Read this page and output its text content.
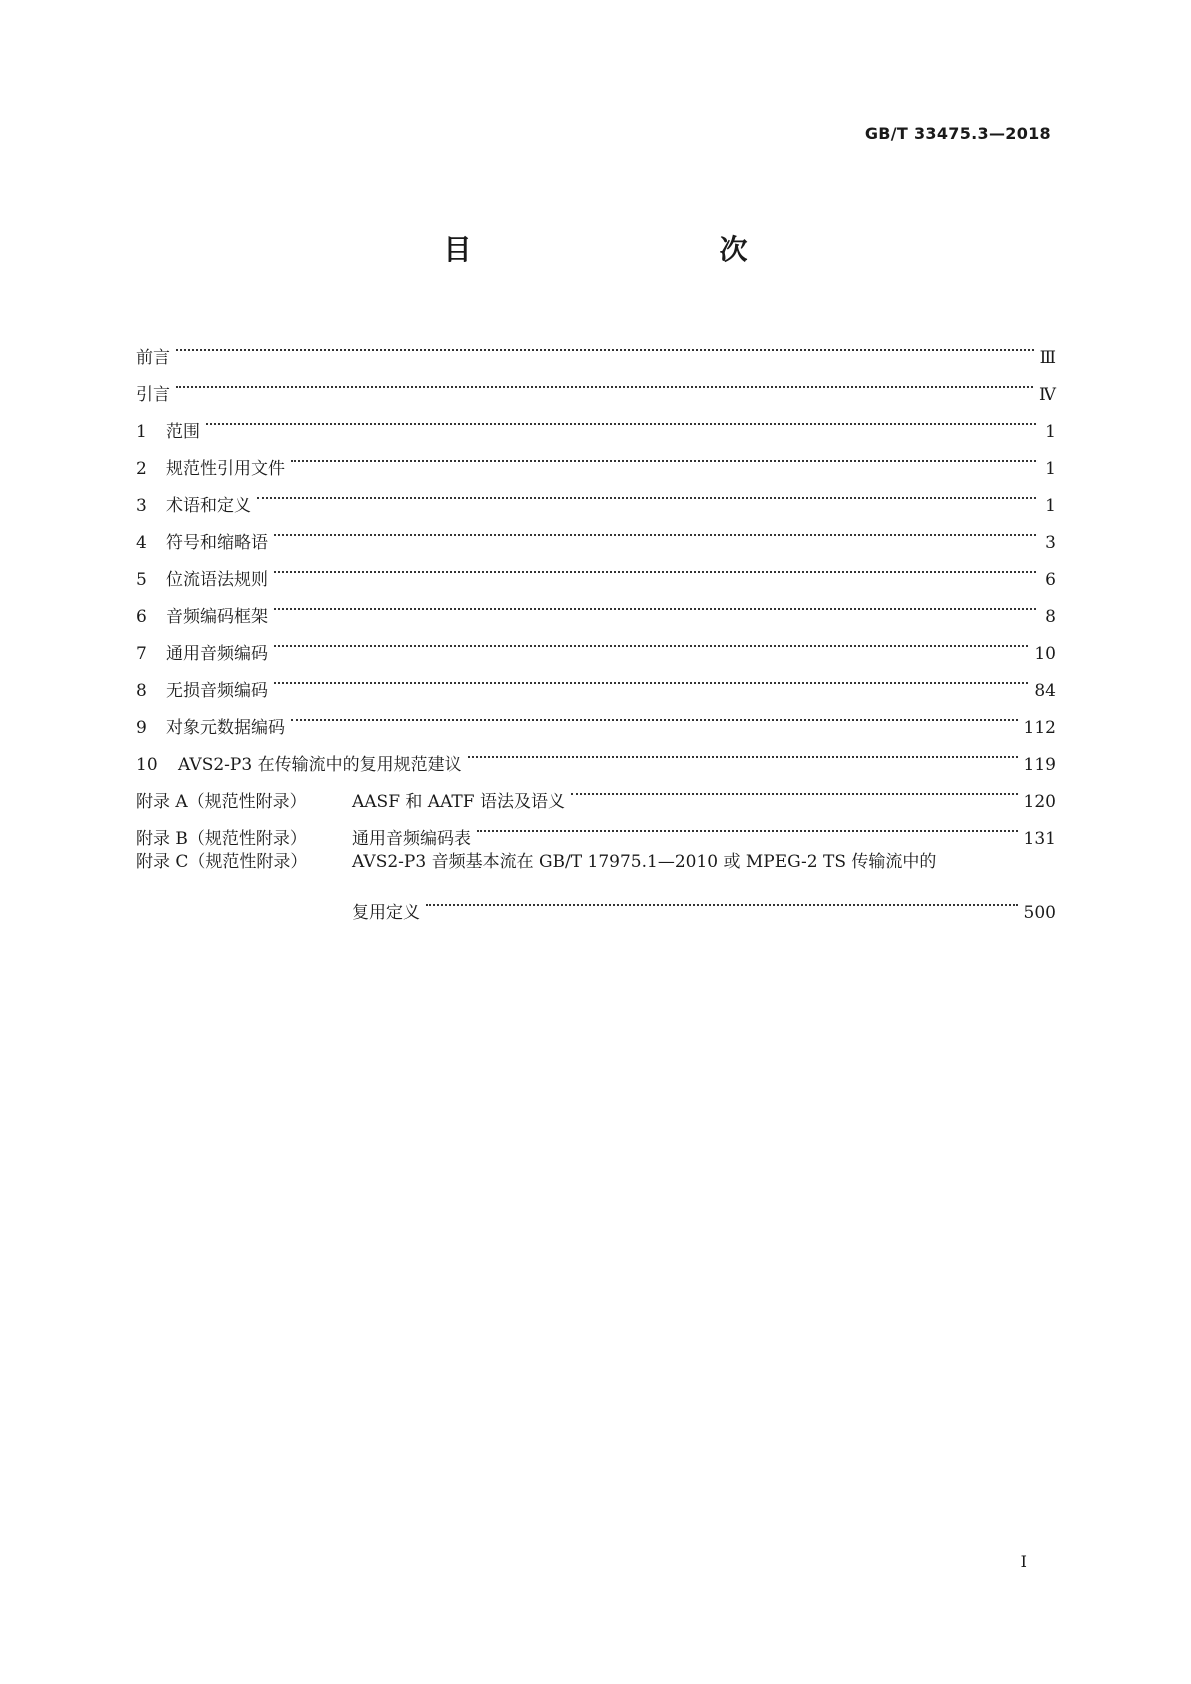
GB/T 33475.3—2018
目　　次
前言	Ⅲ
引言	Ⅳ
1	范围	1
2	规范性引用文件	1
3	术语和定义	1
4	符号和缩略语	3
5	位流语法规则	6
6	音频编码框架	8
7	通用音频编码	10
8	无损音频编码	84
9	对象元数据编码	112
10	AVS2-P3 在传输流中的复用规范建议	119
附录 A（规范性附录）	AASF 和 AATF 语法及语义	120
附录 B（规范性附录）	通用音频编码表	131
附录 C（规范性附录）	AVS2-P3 音频基本流在 GB/T 17975.1—2010 或 MPEG-2 TS 传输流中的
复用定义	500
I
